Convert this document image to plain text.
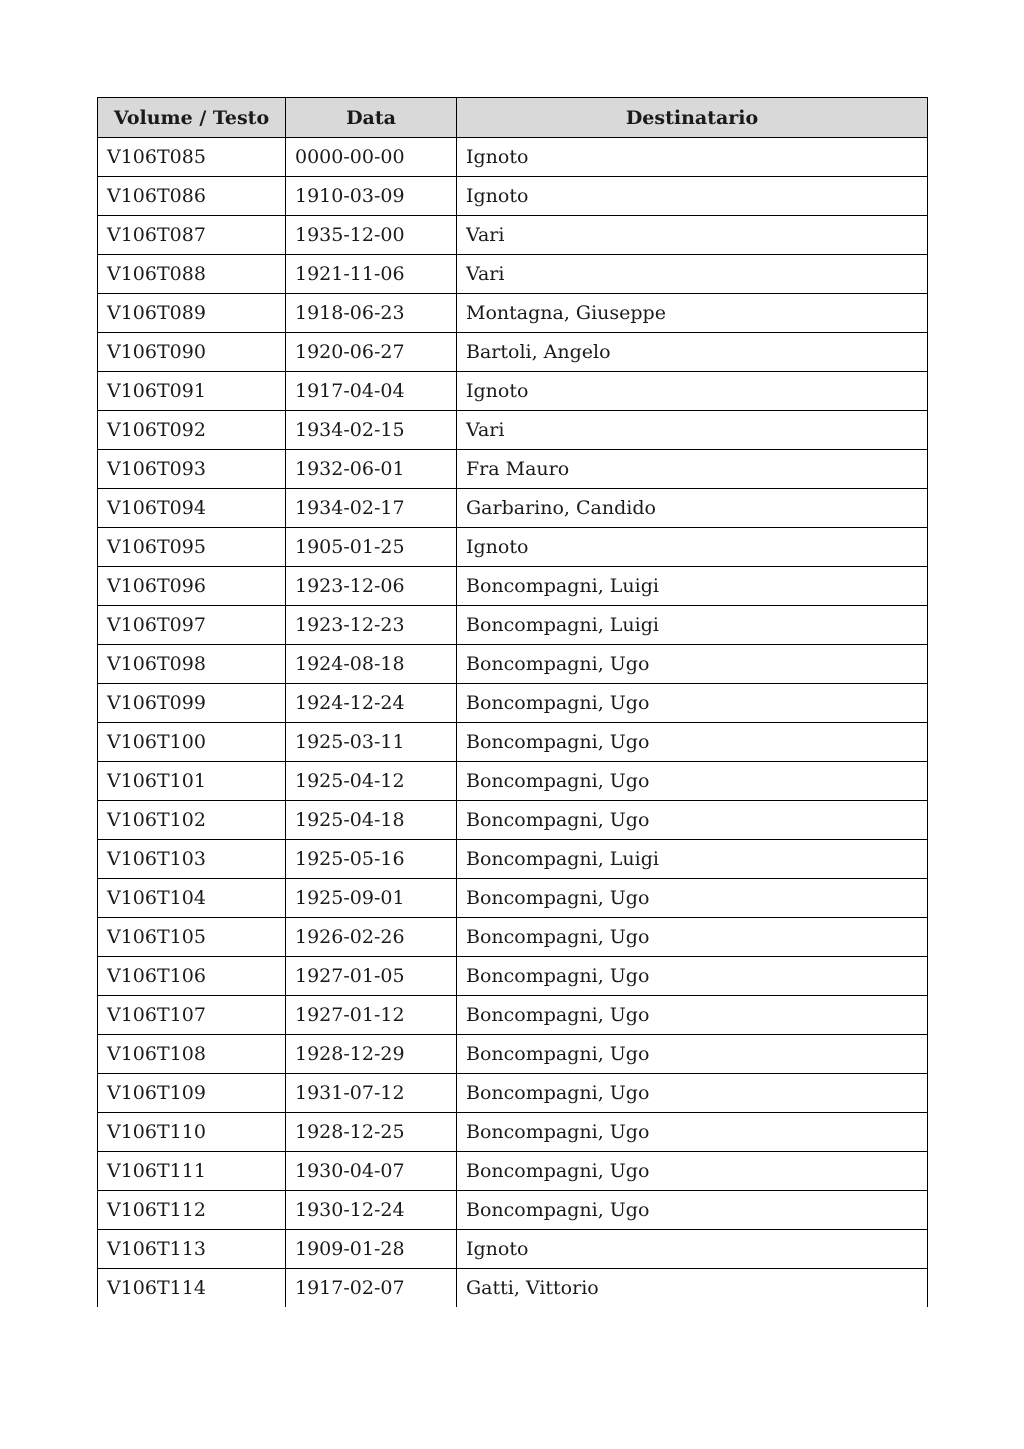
Volume / Testo	Data	Destinatario
V106T085	0000-00-00	Ignoto
V106T086	1910-03-09	Ignoto
V106T087	1935-12-00	Vari
V106T088	1921-11-06	Vari
V106T089	1918-06-23	Montagna, Giuseppe
V106T090	1920-06-27	Bartoli, Angelo
V106T091	1917-04-04	Ignoto
V106T092	1934-02-15	Vari
V106T093	1932-06-01	Fra Mauro
V106T094	1934-02-17	Garbarino, Candido
V106T095	1905-01-25	Ignoto
V106T096	1923-12-06	Boncompagni, Luigi
V106T097	1923-12-23	Boncompagni, Luigi
V106T098	1924-08-18	Boncompagni, Ugo
V106T099	1924-12-24	Boncompagni, Ugo
V106T100	1925-03-11	Boncompagni, Ugo
V106T101	1925-04-12	Boncompagni, Ugo
V106T102	1925-04-18	Boncompagni, Ugo
V106T103	1925-05-16	Boncompagni, Luigi
V106T104	1925-09-01	Boncompagni, Ugo
V106T105	1926-02-26	Boncompagni, Ugo
V106T106	1927-01-05	Boncompagni, Ugo
V106T107	1927-01-12	Boncompagni, Ugo
V106T108	1928-12-29	Boncompagni, Ugo
V106T109	1931-07-12	Boncompagni, Ugo
V106T110	1928-12-25	Boncompagni, Ugo
V106T111	1930-04-07	Boncompagni, Ugo
V106T112	1930-12-24	Boncompagni, Ugo
V106T113	1909-01-28	Ignoto
V106T114	1917-02-07	Gatti, Vittorio
